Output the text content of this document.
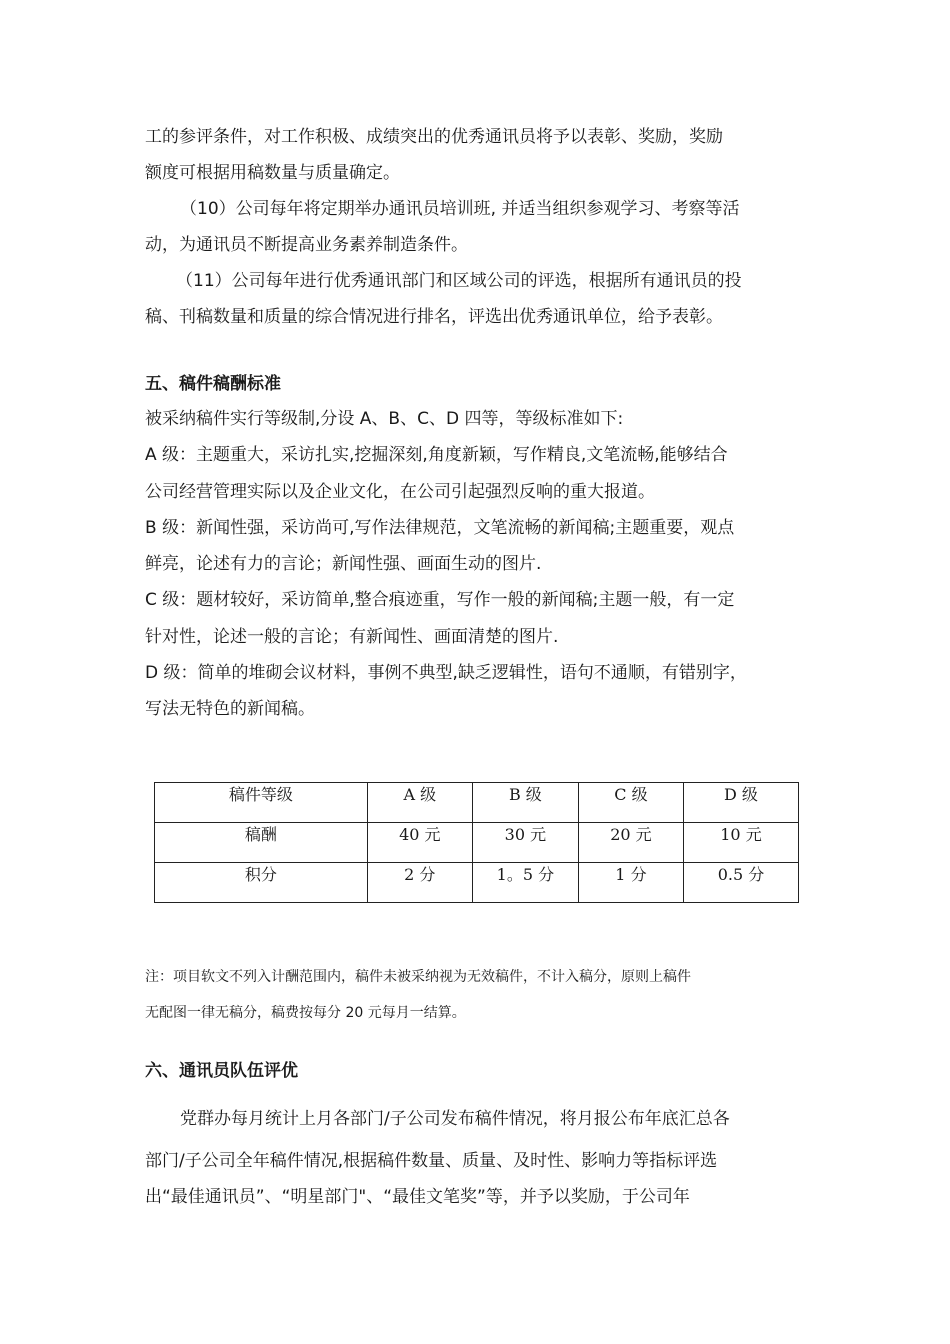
工的参评条件，对工作积极、成绩突出的优秀通讯员将予以表彰、奖励，奖励
额度可根据用稿数量与质量确定。
（10）公司每年将定期举办通讯员培训班, 并适当组织参观学习、考察等活
动，为通讯员不断提高业务素养制造条件。
（11）公司每年进行优秀通讯部门和区域公司的评选，根据所有通讯员的投
稿、刊稿数量和质量的综合情况进行排名，评选出优秀通讯单位，给予表彰。
五、稿件稿酬标准
被采纳稿件实行等级制,分设 A、B、C、D 四等，等级标准如下:
A 级：主题重大，采访扎实,挖掘深刻,角度新颖，写作精良,文笔流畅,能够结合
公司经营管理实际以及企业文化，在公司引起强烈反响的重大报道。
B 级：新闻性强，采访尚可,写作法律规范，文笔流畅的新闻稿;主题重要，观点
鲜亮，论述有力的言论；新闻性强、画面生动的图片.
C 级：题材较好，采访简单,整合痕迹重，写作一般的新闻稿;主题一般，有一定
针对性，论述一般的言论；有新闻性、画面清楚的图片.
D 级：简单的堆砌会议材料，事例不典型,缺乏逻辑性，语句不通顺，有错别字，
写法无特色的新闻稿。
稿件等级	A 级	B 级	C 级	D 级
稿酬	40 元	30 元	20 元	10 元
积分	2 分	1。5 分	1 分	0.5 分
注：项目软文不列入计酬范围内，稿件未被采纳视为无效稿件，不计入稿分，原则上稿件
无配图一律无稿分，稿费按每分 20 元每月一结算。
六、通讯员队伍评优
党群办每月统计上月各部门/子公司发布稿件情况，将月报公布年底汇总各
部门/子公司全年稿件情况,根据稿件数量、质量、及时性、影响力等指标评选
出“最佳通讯员”、“明星部门"、“最佳文笔奖”等，并予以奖励，于公司年
